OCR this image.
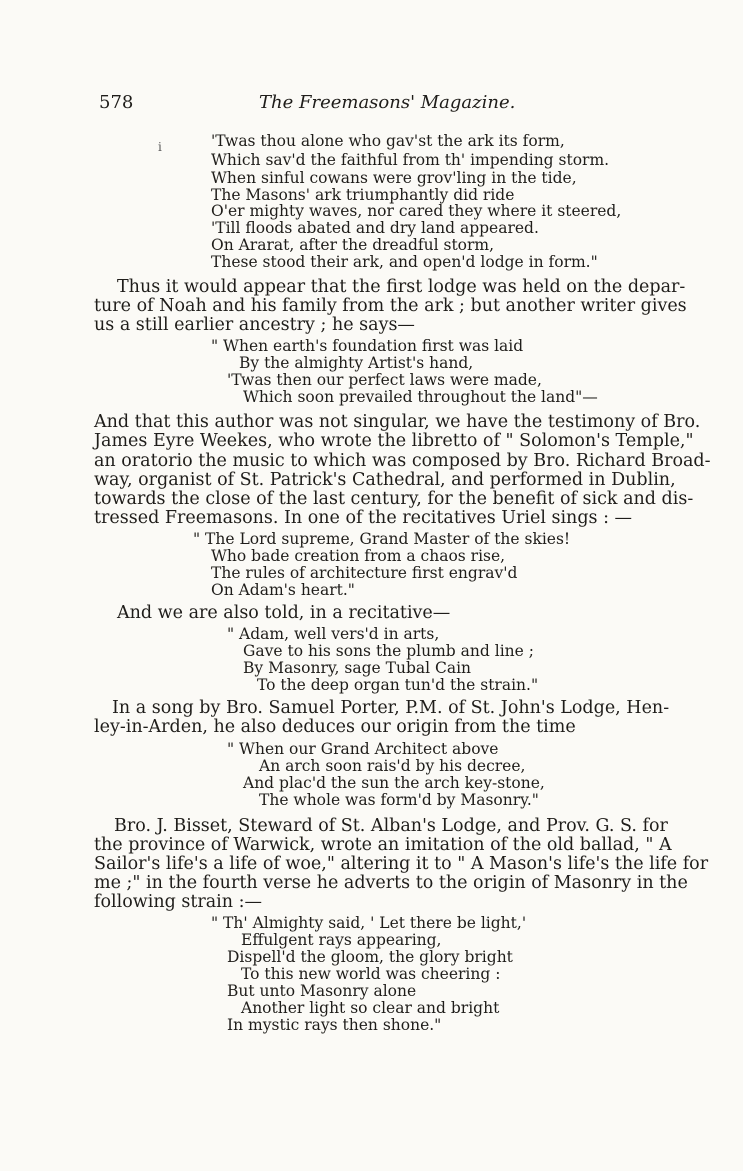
578	The Freemasons' Magazine.
ⅰ	'Twas thou alone who gav'st the ark its form,
Which sav'd the faithful from th' impending storm.
When sinful cowans were grov'ling in the tide,
The Masons' ark triumphantly did ride
O'er mighty waves, nor cared they where it steered,
'Till floods abated and dry land appeared.
On Ararat, after the dreadful storm,
These stood their ark, and open'd lodge in form."
Thus it would appear that the first lodge was held on the depar-
ture of Noah and his family from the ark ; but another writer gives
us a still earlier ancestry ; he says—
" When earth's foundation first was laid
By the almighty Artist's hand,
'Twas then our perfect laws were made,
Which soon prevailed throughout the land"—
And that this author was not singular, we have the testimony of Bro.
James Eyre Weekes, who wrote the libretto of " Solomon's Temple,"
an oratorio the music to which was composed by Bro. Richard Broad-
way, organist of St. Patrick's Cathedral, and performed in Dublin,
towards the close of the last century, for the benefit of sick and dis-
tressed Freemasons. In one of the recitatives Uriel sings : —
" The Lord supreme, Grand Master of the skies!
Who bade creation from a chaos rise,
The rules of architecture first engrav'd
On Adam's heart."
And we are also told, in a recitative—
" Adam, well vers'd in arts,
Gave to his sons the plumb and line ;
By Masonry, sage Tubal Cain
To the deep organ tun'd the strain."
In a song by Bro. Samuel Porter, P.M. of St. John's Lodge, Hen-
ley-in-Arden, he also deduces our origin from the time
" When our Grand Architect above
An arch soon rais'd by his decree,
And plac'd the sun the arch key-stone,
The whole was form'd by Masonry."
Bro. J. Bisset, Steward of St. Alban's Lodge, and Prov. G. S. for
the province of Warwick, wrote an imitation of the old ballad, " A
Sailor's life's a life of woe," altering it to " A Mason's life's the life for
me ;" in the fourth verse he adverts to the origin of Masonry in the
following strain :—
" Th' Almighty said, ' Let there be light,'
Effulgent rays appearing,
Dispell'd the gloom, the glory bright
To this new world was cheering :
But unto Masonry alone
Another light so clear and bright
In mystic rays then shone."
